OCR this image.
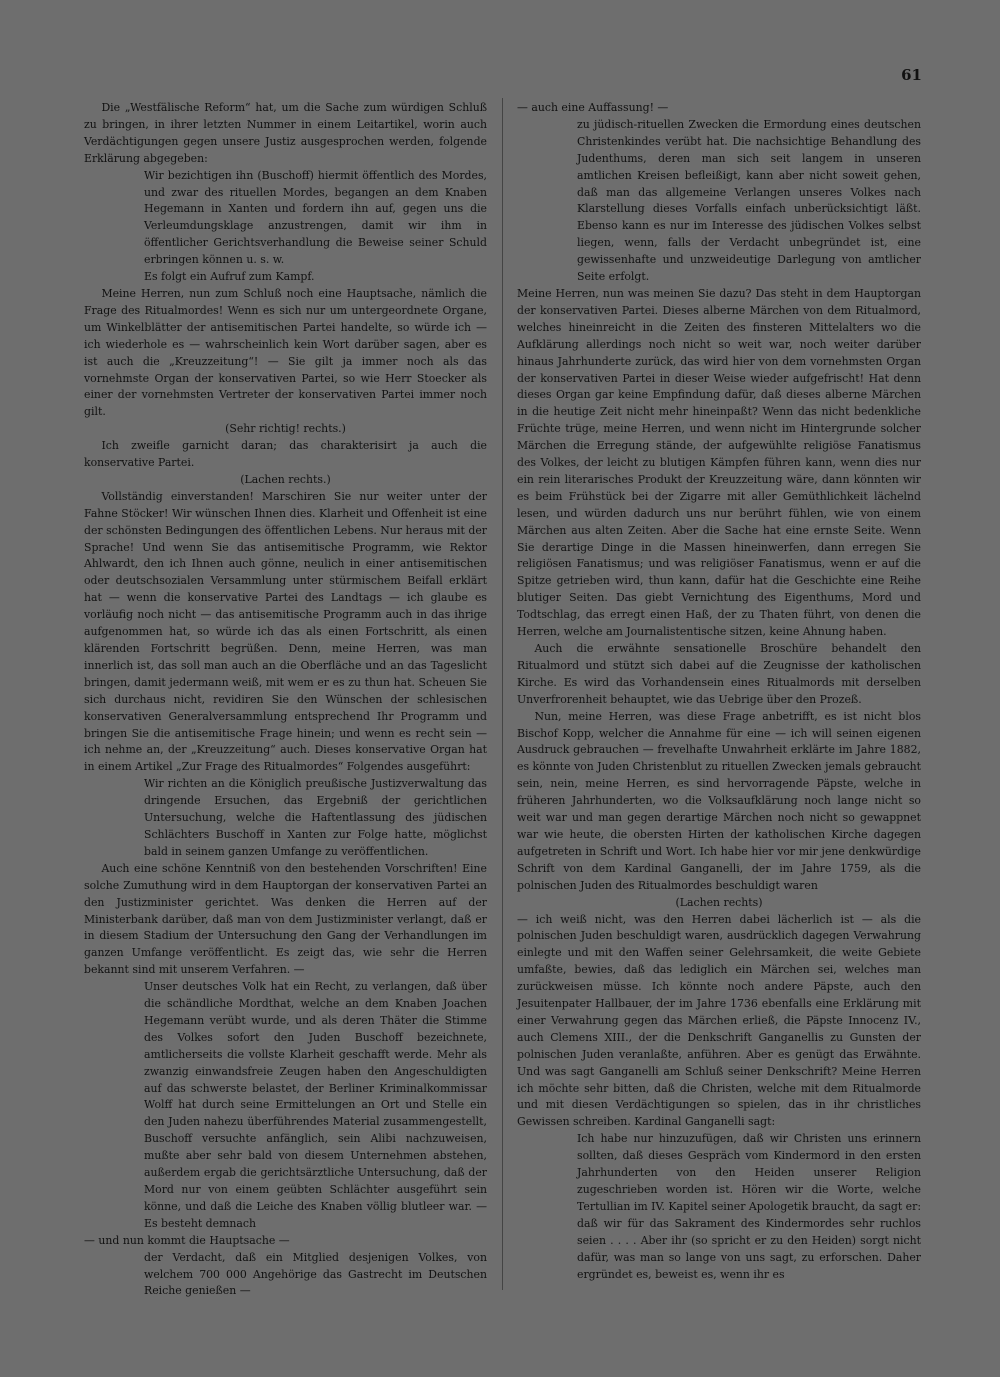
61

Die „Westfälische Reform“ hat, um die Sache zum würdigen Schluß zu bringen, in ihrer letzten Nummer in einem Leitartikel, worin auch Verdächtigungen gegen unsere Justiz ausgesprochen werden, folgende Erklärung abgegeben:

Wir bezichtigen ihn (Buschoff) hiermit öffentlich des Mordes, und zwar des rituellen Mordes, begangen an dem Knaben Hegemann in Xanten und fordern ihn auf, gegen uns die Verleumdungsklage anzustrengen, damit wir ihm in öffentlicher Gerichtsverhandlung die Beweise seiner Schuld erbringen können u. s. w.

Es folgt ein Aufruf zum Kampf.

Meine Herren, nun zum Schluß noch eine Hauptsache, nämlich die Frage des Ritualmordes! Wenn es sich nur um untergeordnete Organe, um Winkelblätter der antisemitischen Partei handelte, so würde ich — ich wiederhole es — wahrscheinlich kein Wort darüber sagen, aber es ist auch die „Kreuzzeitung“! — Sie gilt ja immer noch als das vornehmste Organ der konservativen Partei, so wie Herr Stoecker als einer der vornehmsten Vertreter der konservativen Partei immer noch gilt.

(Sehr richtig! rechts.)

Ich zweifle garnicht daran; das charakterisirt ja auch die konservative Partei.

(Lachen rechts.)

Vollständig einverstanden! Marschiren Sie nur weiter unter der Fahne Stöcker! Wir wünschen Ihnen dies. Klarheit und Offenheit ist eine der schönsten Bedingungen des öffentlichen Lebens. Nur heraus mit der Sprache! Und wenn Sie das antisemitische Programm, wie Rektor Ahlwardt, den ich Ihnen auch gönne, neulich in einer antisemitischen oder deutschsozialen Versammlung unter stürmischem Beifall erklärt hat — wenn die konservative Partei des Landtags — ich glaube es vorläufig noch nicht — das antisemitische Programm auch in das ihrige aufgenommen hat, so würde ich das als einen Fortschritt, als einen klärenden Fortschritt begrüßen. Denn, meine Herren, was man innerlich ist, das soll man auch an die Oberfläche und an das Tageslicht bringen, damit jedermann weiß, mit wem er es zu thun hat. Scheuen Sie sich durchaus nicht, revidiren Sie den Wünschen der schlesischen konservativen Generalversammlung entsprechend Ihr Programm und bringen Sie die antisemitische Frage hinein; und wenn es recht sein — ich nehme an, der „Kreuzzeitung“ auch. Dieses konservative Organ hat in einem Artikel „Zur Frage des Ritualmordes“ Folgendes ausgeführt:

Wir richten an die Königlich preußische Justizverwaltung das dringende Ersuchen, das Ergebniß der gerichtlichen Untersuchung, welche die Haftentlassung des jüdischen Schlächters Buschoff in Xanten zur Folge hatte, möglichst bald in seinem ganzen Umfange zu veröffentlichen.

Auch eine schöne Kenntniß von den bestehenden Vorschriften! Eine solche Zumuthung wird in dem Hauptorgan der konservativen Partei an den Justizminister gerichtet. Was denken die Herren auf der Ministerbank darüber, daß man von dem Justizminister verlangt, daß er in diesem Stadium der Untersuchung den Gang der Verhandlungen im ganzen Umfange veröffentlicht. Es zeigt das, wie sehr die Herren bekannt sind mit unserem Verfahren. —

Unser deutsches Volk hat ein Recht, zu verlangen, daß über die schändliche Mordthat, welche an dem Knaben Joachen Hegemann verübt wurde, und als deren Thäter die Stimme des Volkes sofort den Juden Buschoff bezeichnete, amtlicherseits die vollste Klarheit geschafft werde. Mehr als zwanzig einwandsfreie Zeugen haben den Angeschuldigten auf das schwerste belastet, der Berliner Kriminalkommissar Wolff hat durch seine Ermittelungen an Ort und Stelle ein den Juden nahezu überführendes Material zusammengestellt, Buschoff versuchte anfänglich, sein Alibi nachzuweisen, mußte aber sehr bald von diesem Unternehmen abstehen, außerdem ergab die gerichtsärztliche Untersuchung, daß der Mord nur von einem geübten Schlächter ausgeführt sein könne, und daß die Leiche des Knaben völlig blutleer war. — Es besteht demnach

— und nun kommt die Hauptsache —

der Verdacht, daß ein Mitglied desjenigen Volkes, von welchem 700 000 Angehörige das Gastrecht im Deutschen Reiche genießen —

— auch eine Auffassung! —

zu jüdisch-rituellen Zwecken die Ermordung eines deutschen Christenkindes verübt hat. Die nachsichtige Behandlung des Judenthums, deren man sich seit langem in unseren amtlichen Kreisen befleißigt, kann aber nicht soweit gehen, daß man das allgemeine Verlangen unseres Volkes nach Klarstellung dieses Vorfalls einfach unberücksichtigt läßt. Ebenso kann es nur im Interesse des jüdischen Volkes selbst liegen, wenn, falls der Verdacht unbegründet ist, eine gewissenhafte und unzweideutige Darlegung von amtlicher Seite erfolgt.

Meine Herren, nun was meinen Sie dazu? Das steht in dem Hauptorgan der konservativen Partei. Dieses alberne Märchen von dem Ritualmord, welches hineinreicht in die Zeiten des finsteren Mittelalters wo die Aufklärung allerdings noch nicht so weit war, noch weiter darüber hinaus Jahrhunderte zurück, das wird hier von dem vornehmsten Organ der konservativen Partei in dieser Weise wieder aufgefrischt! Hat denn dieses Organ gar keine Empfindung dafür, daß dieses alberne Märchen in die heutige Zeit nicht mehr hineinpaßt? Wenn das nicht bedenkliche Früchte trüge, meine Herren, und wenn nicht im Hintergrunde solcher Märchen die Erregung stände, der aufgewühlte religiöse Fanatismus des Volkes, der leicht zu blutigen Kämpfen führen kann, wenn dies nur ein rein literarisches Produkt der Kreuzzeitung wäre, dann könnten wir es beim Frühstück bei der Zigarre mit aller Gemüthlichkeit lächelnd lesen, und würden dadurch uns nur berührt fühlen, wie von einem Märchen aus alten Zeiten. Aber die Sache hat eine ernste Seite. Wenn Sie derartige Dinge in die Massen hineinwerfen, dann erregen Sie religiösen Fanatismus; und was religiöser Fanatismus, wenn er auf die Spitze getrieben wird, thun kann, dafür hat die Geschichte eine Reihe blutiger Seiten. Das giebt Vernichtung des Eigenthums, Mord und Todtschlag, das erregt einen Haß, der zu Thaten führt, von denen die Herren, welche am Journalistentische sitzen, keine Ahnung haben.

Auch die erwähnte sensationelle Broschüre behandelt den Ritualmord und stützt sich dabei auf die Zeugnisse der katholischen Kirche. Es wird das Vorhandensein eines Ritualmords mit derselben Unverfrorenheit behauptet, wie das Uebrige über den Prozeß.

Nun, meine Herren, was diese Frage anbetrifft, es ist nicht blos Bischof Kopp, welcher die Annahme für eine — ich will seinen eigenen Ausdruck gebrauchen — frevelhafte Unwahrheit erklärte im Jahre 1882, es könnte von Juden Christenblut zu rituellen Zwecken jemals gebraucht sein, nein, meine Herren, es sind hervorragende Päpste, welche in früheren Jahrhunderten, wo die Volksaufklärung noch lange nicht so weit war und man gegen derartige Märchen noch nicht so gewappnet war wie heute, die obersten Hirten der katholischen Kirche dagegen aufgetreten in Schrift und Wort. Ich habe hier vor mir jene denkwürdige Schrift von dem Kardinal Ganganelli, der im Jahre 1759, als die polnischen Juden des Ritualmordes beschuldigt waren

(Lachen rechts)

— ich weiß nicht, was den Herren dabei lächerlich ist — als die polnischen Juden beschuldigt waren, ausdrücklich dagegen Verwahrung einlegte und mit den Waffen seiner Gelehrsamkeit, die weite Gebiete umfaßte, bewies, daß das lediglich ein Märchen sei, welches man zurückweisen müsse. Ich könnte noch andere Päpste, auch den Jesuitenpater Hallbauer, der im Jahre 1736 ebenfalls eine Erklärung mit einer Verwahrung gegen das Märchen erließ, die Päpste Innocenz IV., auch Clemens XIII., der die Denkschrift Ganganellis zu Gunsten der polnischen Juden veranlaßte, anführen. Aber es genügt das Erwähnte. Und was sagt Ganganelli am Schluß seiner Denkschrift? Meine Herren ich möchte sehr bitten, daß die Christen, welche mit dem Ritualmorde und mit diesen Verdächtigungen so spielen, das in ihr christliches Gewissen schreiben. Kardinal Ganganelli sagt:

Ich habe nur hinzuzufügen, daß wir Christen uns erinnern sollten, daß dieses Gespräch vom Kindermord in den ersten Jahrhunderten von den Heiden unserer Religion zugeschrieben worden ist. Hören wir die Worte, welche Tertullian im IV. Kapitel seiner Apologetik braucht, da sagt er: daß wir für das Sakrament des Kindermordes sehr ruchlos seien . . . . Aber ihr (so spricht er zu den Heiden) sorgt nicht dafür, was man so lange von uns sagt, zu erforschen. Daher ergründet es, beweist es, wenn ihr es
